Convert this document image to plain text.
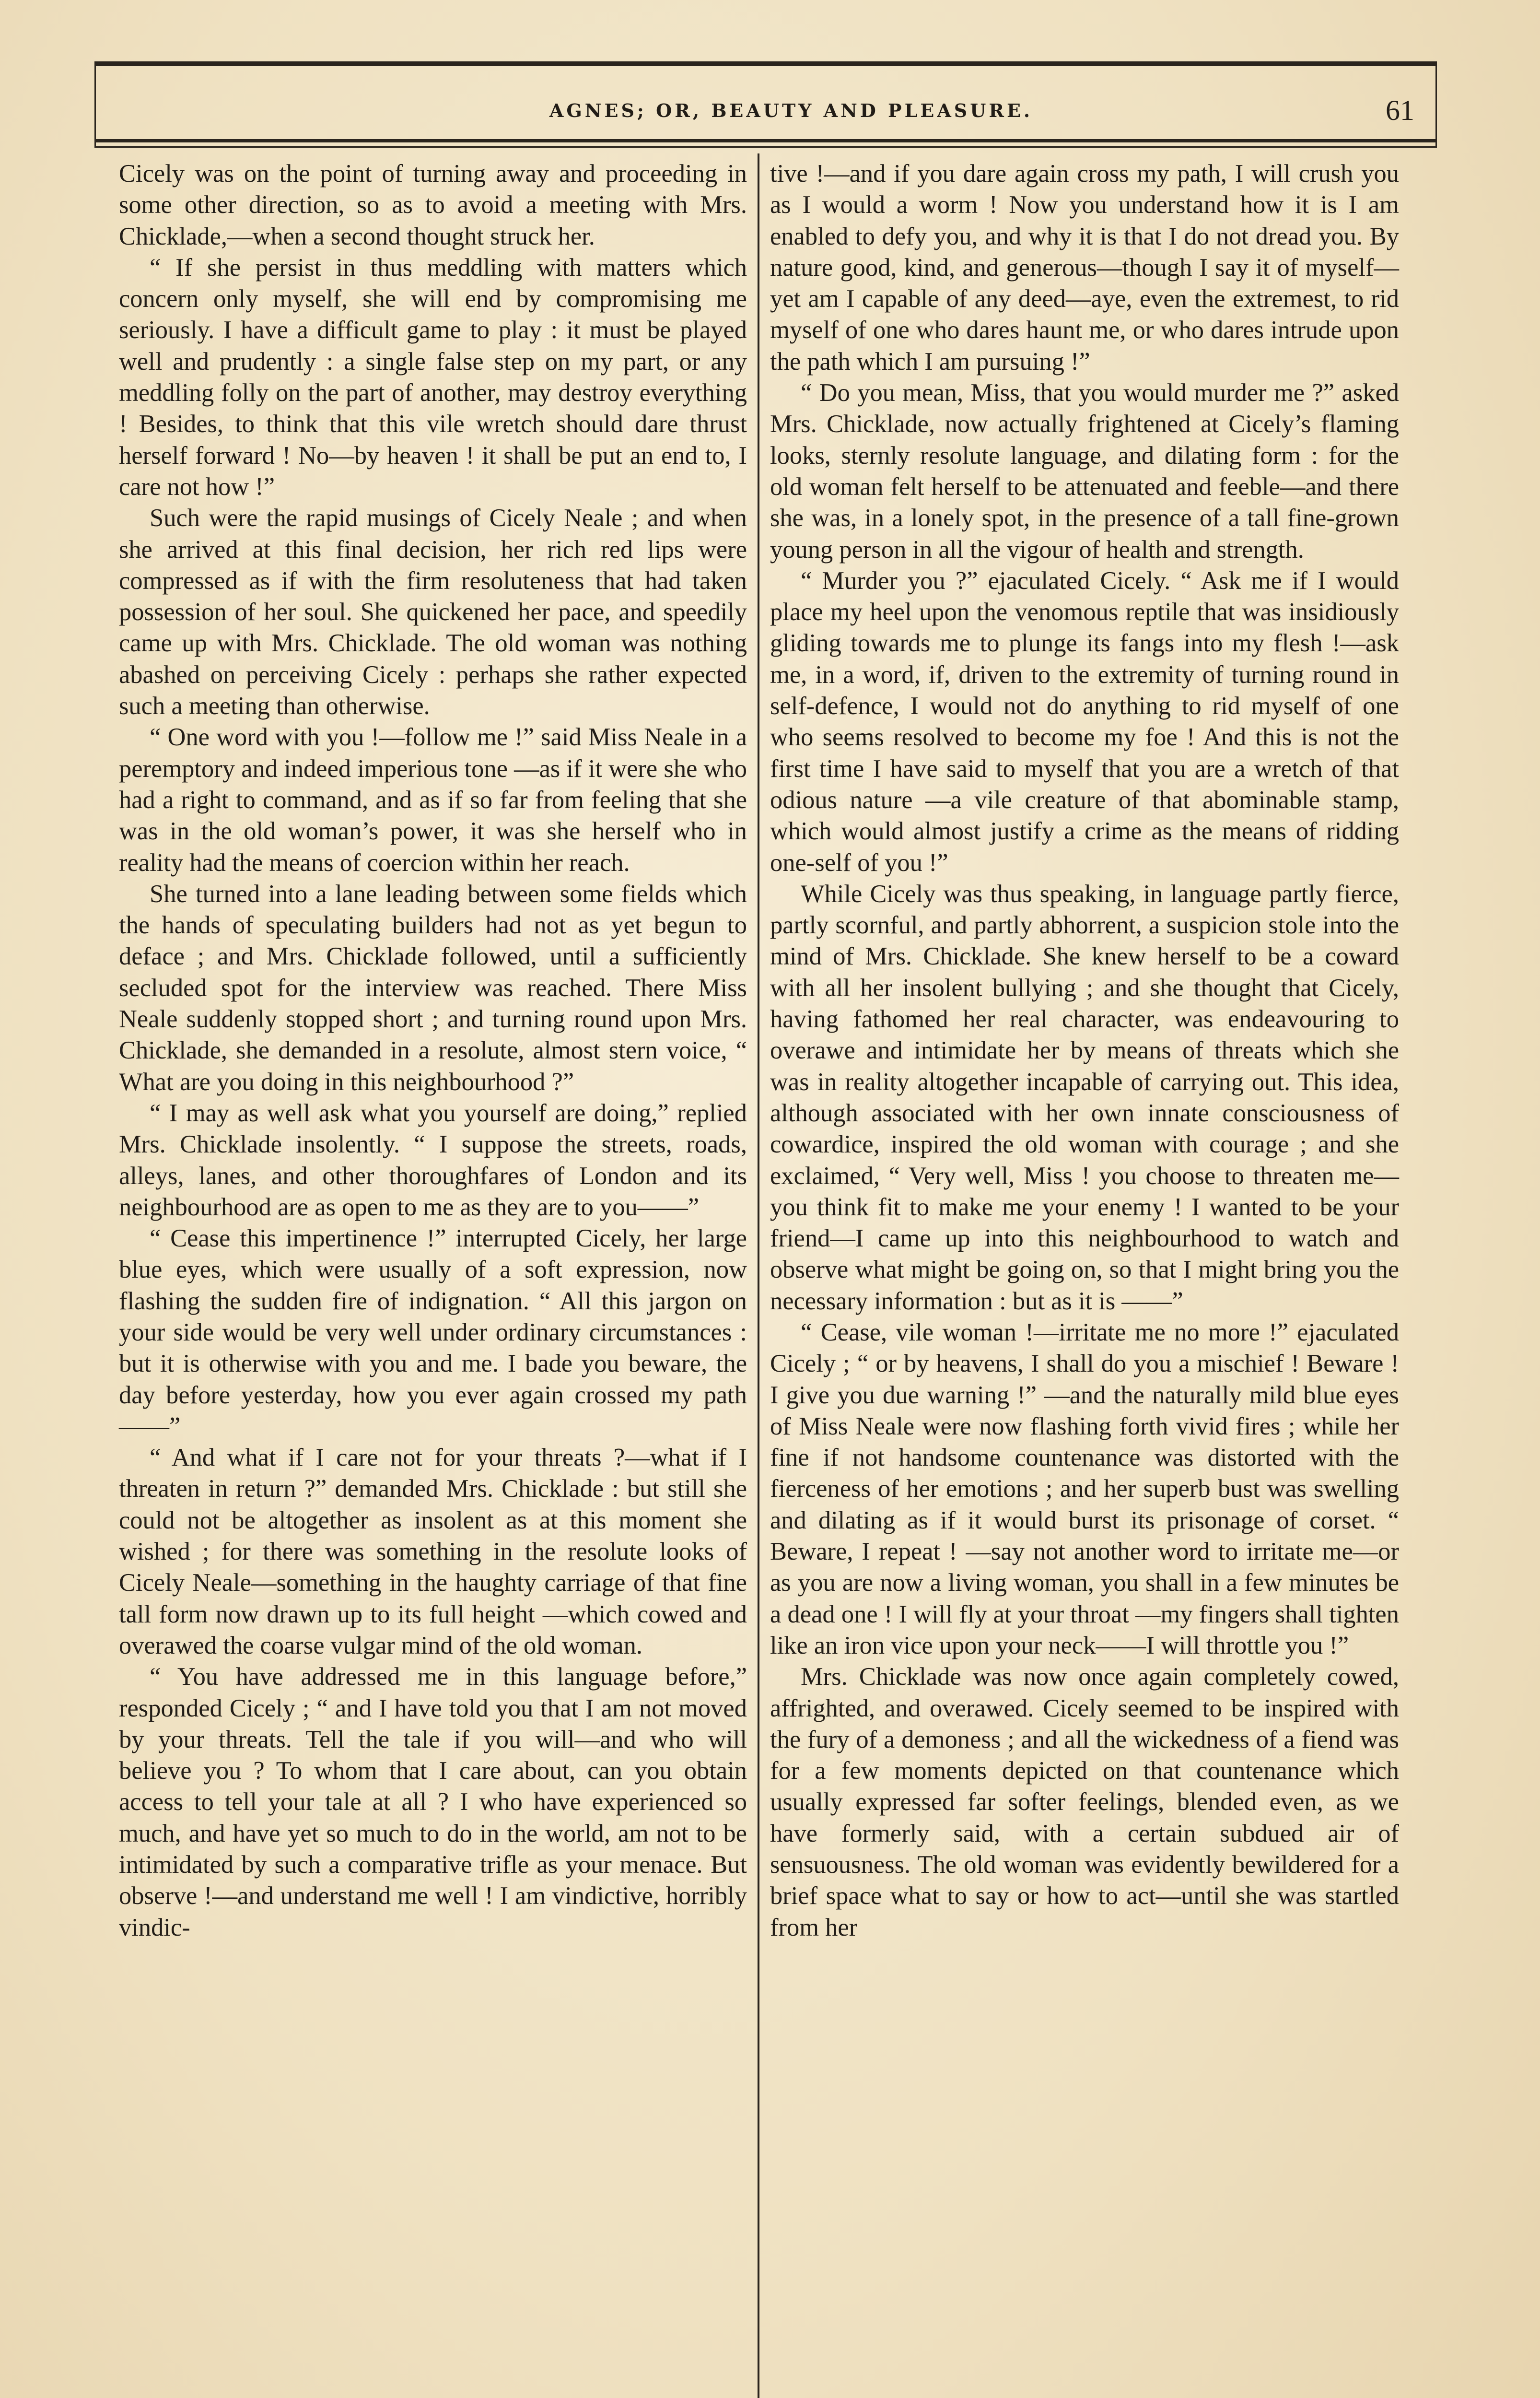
AGNES; OR, BEAUTY AND PLEASURE.	61

Cicely was on the point of turning away and proceeding in some other direction, so as to avoid a meeting with Mrs. Chicklade,—when a second thought struck her.

“ If she persist in thus meddling with matters which concern only myself, she will end by compromising me seriously. I have a difficult game to play : it must be played well and prudently : a single false step on my part, or any meddling folly on the part of another, may destroy everything ! Besides, to think that this vile wretch should dare thrust herself forward ! No—by heaven ! it shall be put an end to, I care not how !”

Such were the rapid musings of Cicely Neale ; and when she arrived at this final decision, her rich red lips were compressed as if with the firm resoluteness that had taken possession of her soul. She quickened her pace, and speedily came up with Mrs. Chicklade. The old woman was nothing abashed on perceiving Cicely : perhaps she rather expected such a meeting than otherwise.

“ One word with you !—follow me !” said Miss Neale in a peremptory and indeed imperious tone —as if it were she who had a right to command, and as if so far from feeling that she was in the old woman’s power, it was she herself who in reality had the means of coercion within her reach.

She turned into a lane leading between some fields which the hands of speculating builders had not as yet begun to deface ; and Mrs. Chicklade followed, until a sufficiently secluded spot for the interview was reached. There Miss Neale suddenly stopped short ; and turning round upon Mrs. Chicklade, she demanded in a resolute, almost stern voice, “ What are you doing in this neighbourhood ?”

“ I may as well ask what you yourself are doing,” replied Mrs. Chicklade insolently. “ I suppose the streets, roads, alleys, lanes, and other thoroughfares of London and its neighbourhood are as open to me as they are to you——”

“ Cease this impertinence !” interrupted Cicely, her large blue eyes, which were usually of a soft expression, now flashing the sudden fire of indignation. “ All this jargon on your side would be very well under ordinary circumstances : but it is otherwise with you and me. I bade you beware, the day before yesterday, how you ever again crossed my path——”

“ And what if I care not for your threats ?—what if I threaten in return ?” demanded Mrs. Chicklade : but still she could not be altogether as insolent as at this moment she wished ; for there was something in the resolute looks of Cicely Neale—something in the haughty carriage of that fine tall form now drawn up to its full height —which cowed and overawed the coarse vulgar mind of the old woman.

“ You have addressed me in this language before,” responded Cicely ; “ and I have told you that I am not moved by your threats. Tell the tale if you will—and who will believe you ? To whom that I care about, can you obtain access to tell your tale at all ? I who have experienced so much, and have yet so much to do in the world, am not to be intimidated by such a comparative trifle as your menace. But observe !—and understand me well ! I am vindictive, horribly vindic-

tive !—and if you dare again cross my path, I will crush you as I would a worm ! Now you understand how it is I am enabled to defy you, and why it is that I do not dread you. By nature good, kind, and generous—though I say it of myself—yet am I capable of any deed—aye, even the extremest, to rid myself of one who dares haunt me, or who dares intrude upon the path which I am pursuing !”

“ Do you mean, Miss, that you would murder me ?” asked Mrs. Chicklade, now actually frightened at Cicely’s flaming looks, sternly resolute language, and dilating form : for the old woman felt herself to be attenuated and feeble—and there she was, in a lonely spot, in the presence of a tall fine-grown young person in all the vigour of health and strength.

“ Murder you ?” ejaculated Cicely. “ Ask me if I would place my heel upon the venomous reptile that was insidiously gliding towards me to plunge its fangs into my flesh !—ask me, in a word, if, driven to the extremity of turning round in self-defence, I would not do anything to rid myself of one who seems resolved to become my foe ! And this is not the first time I have said to myself that you are a wretch of that odious nature —a vile creature of that abominable stamp, which would almost justify a crime as the means of ridding one-self of you !”

While Cicely was thus speaking, in language partly fierce, partly scornful, and partly abhorrent, a suspicion stole into the mind of Mrs. Chicklade. She knew herself to be a coward with all her insolent bullying ; and she thought that Cicely, having fathomed her real character, was endeavouring to overawe and intimidate her by means of threats which she was in reality altogether incapable of carrying out. This idea, although associated with her own innate consciousness of cowardice, inspired the old woman with courage ; and she exclaimed, “ Very well, Miss ! you choose to threaten me—you think fit to make me your enemy ! I wanted to be your friend—I came up into this neighbourhood to watch and observe what might be going on, so that I might bring you the necessary information : but as it is ——”

“ Cease, vile woman !—irritate me no more !” ejaculated Cicely ; “ or by heavens, I shall do you a mischief ! Beware ! I give you due warning !” —and the naturally mild blue eyes of Miss Neale were now flashing forth vivid fires ; while her fine if not handsome countenance was distorted with the fierceness of her emotions ; and her superb bust was swelling and dilating as if it would burst its prisonage of corset. “ Beware, I repeat ! —say not another word to irritate me—or as you are now a living woman, you shall in a few minutes be a dead one ! I will fly at your throat —my fingers shall tighten like an iron vice upon your neck——I will throttle you !”

Mrs. Chicklade was now once again completely cowed, affrighted, and overawed. Cicely seemed to be inspired with the fury of a demoness ; and all the wickedness of a fiend was for a few moments depicted on that countenance which usually expressed far softer feelings, blended even, as we have formerly said, with a certain subdued air of sensuousness. The old woman was evidently bewildered for a brief space what to say or how to act—until she was startled from her
